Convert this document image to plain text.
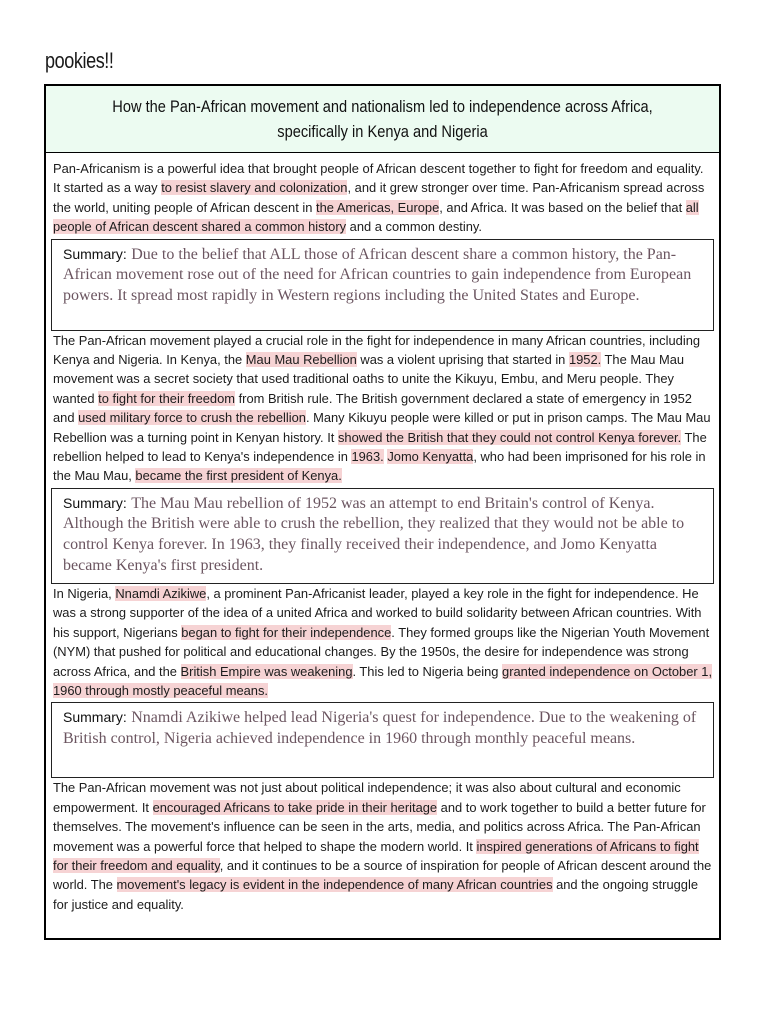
pookies!!
How the Pan-African movement and nationalism led to independence across Africa, specifically in Kenya and Nigeria

Pan-Africanism is a powerful idea that brought people of African descent together to fight for freedom and equality. It started as a way to resist slavery and colonization, and it grew stronger over time. Pan-Africanism spread across the world, uniting people of African descent in the Americas, Europe, and Africa. It was based on the belief that all people of African descent shared a common history and a common destiny.

Summary: Due to the belief that ALL those of African descent share a common history, the Pan-African movement rose out of the need for African countries to gain independence from European powers. It spread most rapidly in Western regions including the United States and Europe.

The Pan-African movement played a crucial role in the fight for independence in many African countries, including Kenya and Nigeria. In Kenya, the Mau Mau Rebellion was a violent uprising that started in 1952. The Mau Mau movement was a secret society that used traditional oaths to unite the Kikuyu, Embu, and Meru people. They wanted to fight for their freedom from British rule. The British government declared a state of emergency in 1952 and used military force to crush the rebellion. Many Kikuyu people were killed or put in prison camps. The Mau Mau Rebellion was a turning point in Kenyan history. It showed the British that they could not control Kenya forever. The rebellion helped to lead to Kenya's independence in 1963. Jomo Kenyatta, who had been imprisoned for his role in the Mau Mau, became the first president of Kenya.

Summary: The Mau Mau rebellion of 1952 was an attempt to end Britain's control of Kenya. Although the British were able to crush the rebellion, they realized that they would not be able to control Kenya forever. In 1963, they finally received their independence, and Jomo Kenyatta became Kenya's first president.

In Nigeria, Nnamdi Azikiwe, a prominent Pan-Africanist leader, played a key role in the fight for independence. He was a strong supporter of the idea of a united Africa and worked to build solidarity between African countries. With his support, Nigerians began to fight for their independence. They formed groups like the Nigerian Youth Movement (NYM) that pushed for political and educational changes. By the 1950s, the desire for independence was strong across Africa, and the British Empire was weakening. This led to Nigeria being granted independence on October 1, 1960 through mostly peaceful means.

Summary: Nnamdi Azikiwe helped lead Nigeria's quest for independence. Due to the weakening of British control, Nigeria achieved independence in 1960 through monthly peaceful means.

The Pan-African movement was not just about political independence; it was also about cultural and economic empowerment. It encouraged Africans to take pride in their heritage and to work together to build a better future for themselves. The movement's influence can be seen in the arts, media, and politics across Africa. The Pan-African movement was a powerful force that helped to shape the modern world. It inspired generations of Africans to fight for their freedom and equality, and it continues to be a source of inspiration for people of African descent around the world. The movement's legacy is evident in the independence of many African countries and the ongoing struggle for justice and equality.
